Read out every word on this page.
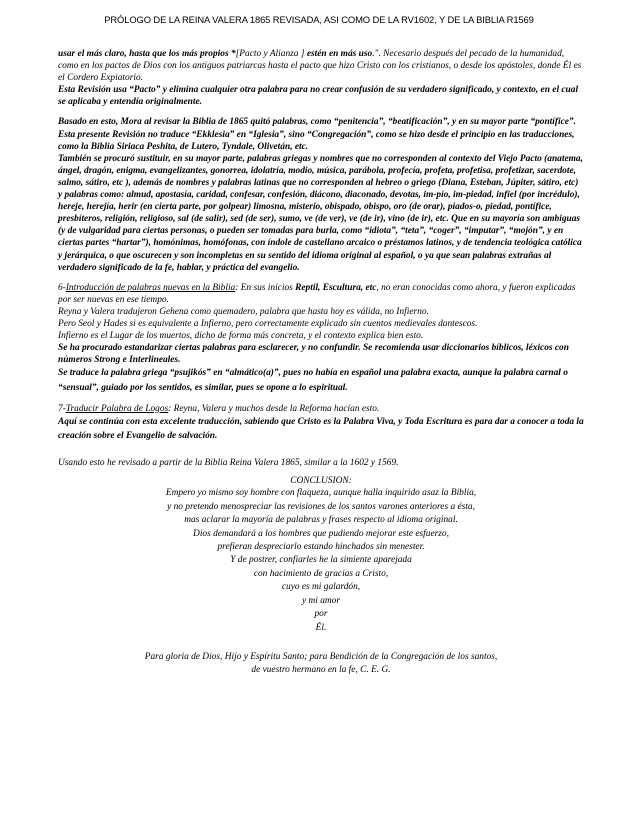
PRÓLOGO DE LA REINA VALERA 1865 REVISADA, ASI COMO DE LA RV1602, Y DE LA BIBLIA R1569

usar el más claro, hasta que los más propios *[Pacto y Alianza ] estén en más uso.". Necesario después del pecado de la humanidad, como en los pactos de Dios con los antiguos patriarcas hasta el pacto que hizo Cristo con los cristianos, o desde los apóstoles, donde Él es el Cordero Expiatorio.

Esta Revisión usa “Pacto” y elimina cualquier otra palabra para no crear confusión de su verdadero significado, y contexto, en el cual se aplicaba y entendía originalmente.

Basado en esto, Mora al revisar la Biblia de 1865 quitó palabras, como “penitencia”, “beatificación”, y en su mayor parte “pontífice”. Esta presente Revisión no traduce “Ekklesia” en “Iglesia”, sino “Congregación”, como se hizo desde el principio en las traducciones, como la Biblia Siriaca Peshita, de Lutero, Tyndale, Olivetán, etc.

También se procuró sustituir, en su mayor parte, palabras griegas y nombres que no corresponden al contexto del Viejo Pacto (anatema, ángel, dragón, enigma, evangelizantes, gonorrea, idolatría, modio, música, parábola, profecía, profeta, profetisa, profetizar, sacerdote, salmo, sátiro, etc ), además de nombres y palabras latinas que no corresponden al hebreo o griego (Diana, Esteban, Júpiter, sátiro, etc) y palabras como: almud, apostasía, caridad, confesar, confesión, diácono, diaconado, devotas, im-pío, im-piedad, infiel (por incrédulo), hereje, herejía, herir (en cierta parte, por golpear) limosna, misterio, obispado, obispo, oro (de orar), piados-o, piedad, pontífice, presbíteros, religión, religioso, sal (de salir), sed (de ser), sumo, ve (de ver), ve (de ir), vino (de ir), etc. Que en su mayoría son ambiguas (y de vulgaridad para ciertas personas, o pueden ser tomadas para burla, como “idiota”, “teta”, “coger”, “imputar”, “mojón”, y en ciertas partes “hartar”), homónimas, homófonas, con índole de castellano arcaico o préstamos latinos, y de tendencia teológica católica y jerárquica, o que oscurecen y son incompletas en su sentido del idioma original al español, o ya que sean palabras extrañas al verdadero significado de la fe, hablar, y práctica del evangelio.

6-Introducción de palabras nuevas en la Biblia: En sus inicios Reptil, Escultura, etc, no eran conocidas como ahora, y fueron explicadas por ser nuevas en ese tiempo.

Reyna y Valera tradujeron Gehena como quemadero, palabra que hasta hoy es válida, no Infierno.

Pero Seol y Hades si es equivalente a Infierno, pero correctamente explicado sin cuentos medievales dantescos.

Infierno es el Lugar de los muertos, dicho de forma más concreta, y el contexto explica bien esto.

Se ha procurado estandarizar ciertas palabras para esclarecer, y no confundir. Se recomienda usar diccionarios bíblicos, léxicos con números Strong e Interlineales.

Se traduce la palabra griega “psujikós” en “almático(a)”, pues no había en español una palabra exacta, aunque la palabra carnal o “sensual”, guiado por los sentidos, es similar, pues se opone a lo espiritual.

7-Traducir Palabra de Logos: Reyna, Valera y muchos desde la Reforma hacían esto.

Aquí se continúa con esta excelente traducción, sabiendo que Cristo es la Palabra Viva, y Toda Escritura es para dar a conocer a toda la creación sobre el Evangelio de salvación.

Usando esto he revisado a partir de la Biblia Reina Valera 1865, similar a la 1602 y 1569.

CONCLUSION:

Empero yo mismo soy hombre con flaqueza, aunque halla inquirido asaz la Biblia,
y no pretendo menospreciar las revisiones de los santos varones anteriores a ésta,
mas aclarar la mayoría de palabras y frases respecto al idioma original.
Dios demandará a los hombres que pudiendo mejorar este esfuerzo,
prefieran despreciarlo estando hinchados sin menester.
Y de postrer, confiarles he la simiente aparejada
con hacimiento de gracias a Cristo,
cuyo es mi galardón,
y mi amor
por
Él.
Para gloria de Dios, Hijo y Espíritu Santo; para Bendición de la Congregación de los santos,
de vuestro hermano en la fe, C. E. G.
